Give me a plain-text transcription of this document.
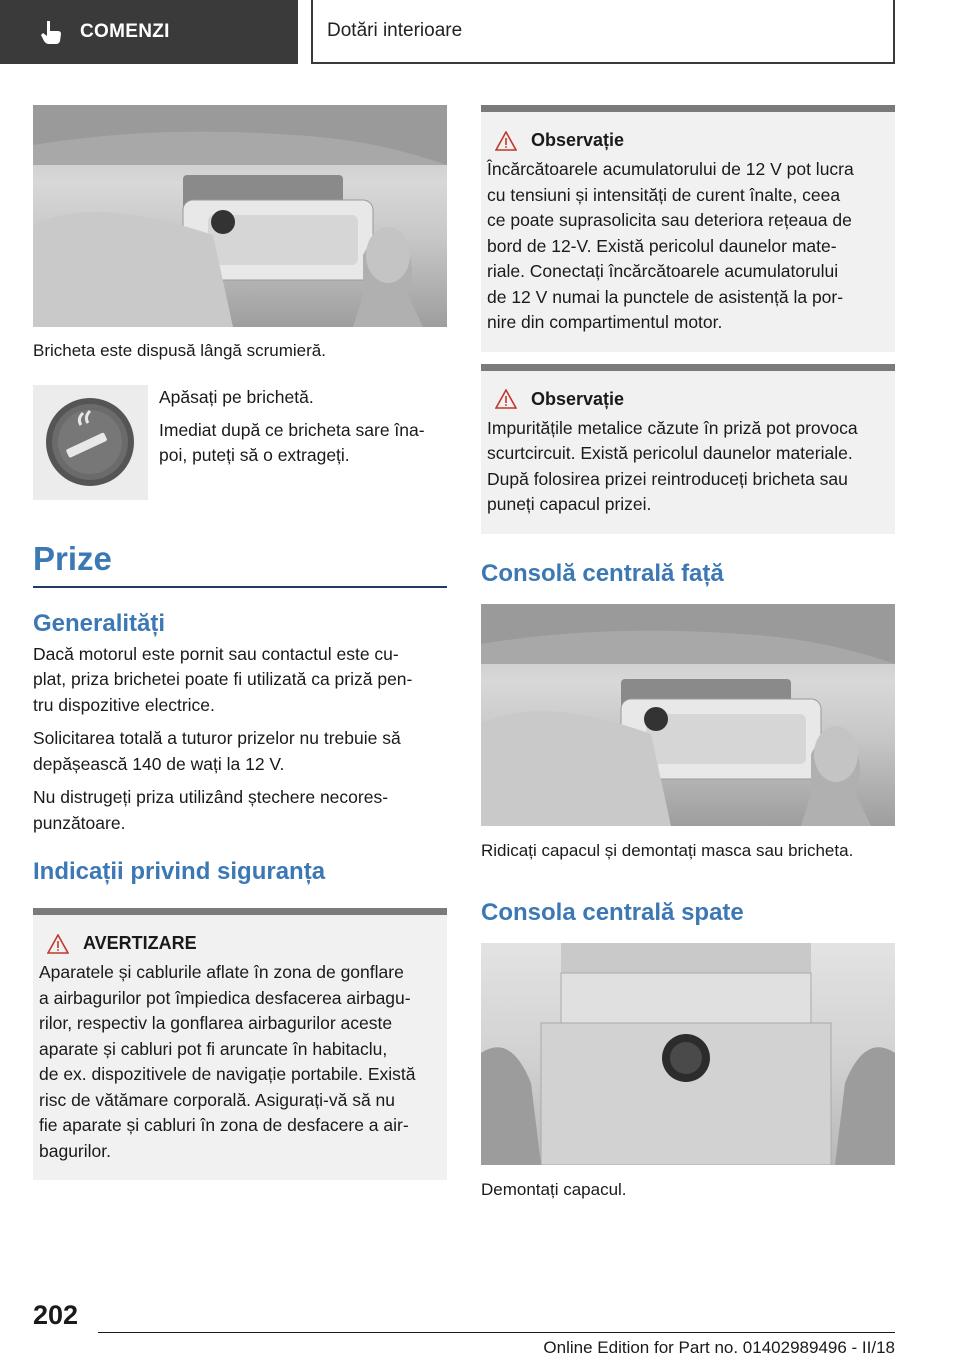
COMENZI	Dotări interioare
Bricheta este dispusă lângă scrumieră.

Apăsați pe brichetă.

Imediat după ce bricheta sare îna‐
poi, puteți să o extrageți.

Prize
Generalități

Dacă motorul este pornit sau contactul este cu‐
plat, priza brichetei poate fi utilizată ca priză pen‐
tru dispozitive electrice.

Solicitarea totală a tuturor prizelor nu trebuie să
depășească 140 de wați la 12 V.

Nu distrugeți priza utilizând ștechere necores‐
punzătoare.

Indicații privind siguranța
AVERTIZARE

Aparatele și cablurile aflate în zona de gonflare
a airbagurilor pot împiedica desfacerea airbagu‐
rilor, respectiv la gonflarea airbagurilor aceste
aparate și cabluri pot fi aruncate în habitaclu,
de ex. dispozitivele de navigație portabile. Există
risc de vătămare corporală. Asigurați-vă să nu
fie aparate și cabluri în zona de desfacere a air‐
bagurilor.

Observație

Încărcătoarele acumulatorului de 12 V pot lucra
cu tensiuni și intensități de curent înalte, ceea
ce poate suprasolicita sau deteriora rețeaua de
bord de 12-V. Există pericolul daunelor mate‐
riale. Conectați încărcătoarele acumulatorului
de 12 V numai la punctele de asistență la por‐
nire din compartimentul motor.

Observație

Impuritățile metalice căzute în priză pot provoca
scurtcircuit. Există pericolul daunelor materiale.
După folosirea prizei reintroduceți bricheta sau
puneți capacul prizei.

Consolă centrală față
Ridicați capacul și demontați masca sau bricheta.
Consola centrală spate
Demontați capacul.
202
Online Edition for Part no. 01402989496 - II/18
